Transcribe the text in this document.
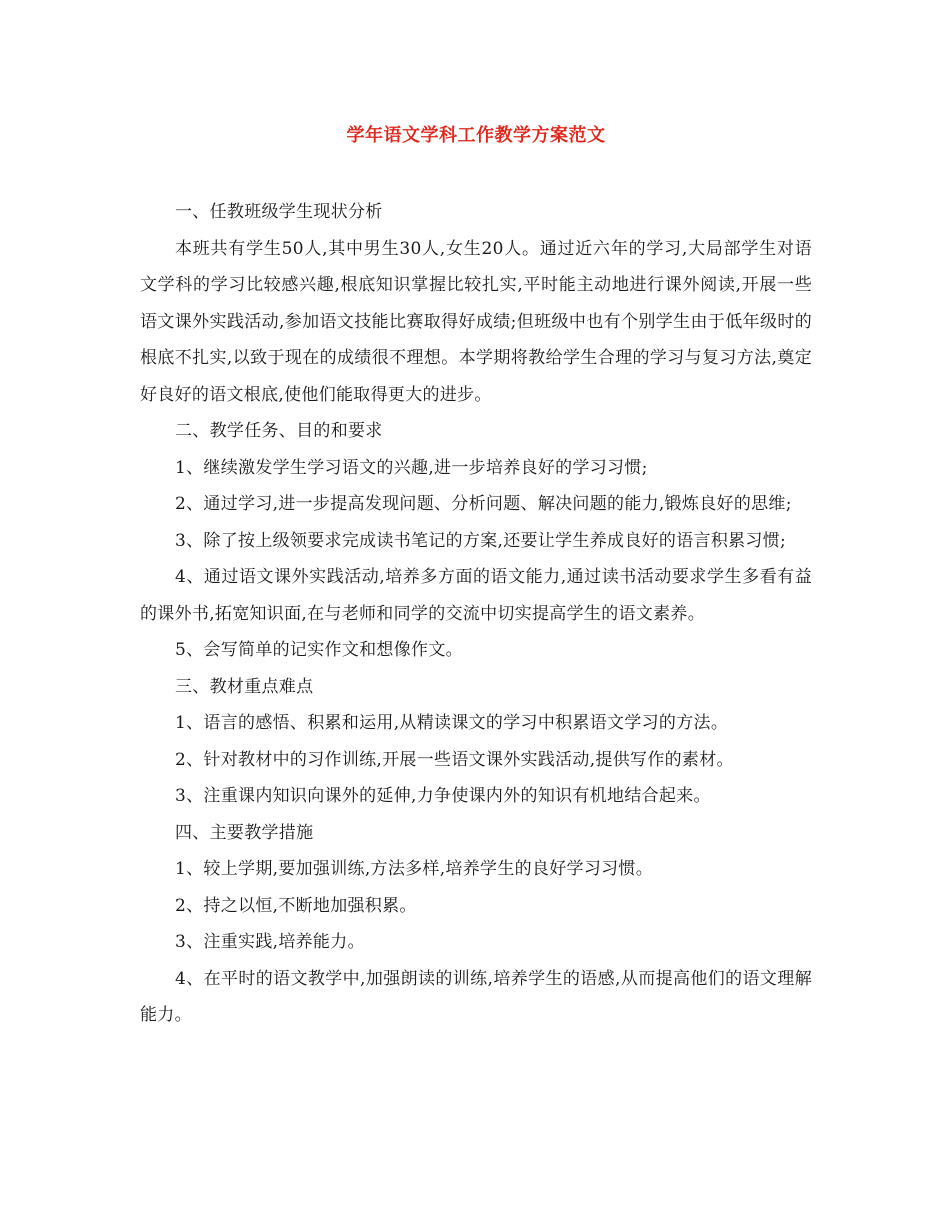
学年语文学科工作教学方案范文

一、任教班级学生现状分析

本班共有学生50人,其中男生30人,女生20人。通过近六年的学习,大局部学生对语文学科的学习比较感兴趣,根底知识掌握比较扎实,平时能主动地进行课外阅读,开展一些语文课外实践活动,参加语文技能比赛取得好成绩;但班级中也有个别学生由于低年级时的根底不扎实,以致于现在的成绩很不理想。本学期将教给学生合理的学习与复习方法,奠定好良好的语文根底,使他们能取得更大的进步。

二、教学任务、目的和要求

1、继续激发学生学习语文的兴趣,进一步培养良好的学习习惯;

2、通过学习,进一步提高发现问题、分析问题、解决问题的能力,锻炼良好的思维;

3、除了按上级领要求完成读书笔记的方案,还要让学生养成良好的语言积累习惯;

4、通过语文课外实践活动,培养多方面的语文能力,通过读书活动要求学生多看有益的课外书,拓宽知识面,在与老师和同学的交流中切实提高学生的语文素养。

5、会写简单的记实作文和想像作文。

三、教材重点难点

1、语言的感悟、积累和运用,从精读课文的学习中积累语文学习的方法。

2、针对教材中的习作训练,开展一些语文课外实践活动,提供写作的素材。

3、注重课内知识向课外的延伸,力争使课内外的知识有机地结合起来。

四、主要教学措施

1、较上学期,要加强训练,方法多样,培养学生的良好学习习惯。

2、持之以恒,不断地加强积累。

3、注重实践,培养能力。

4、在平时的语文教学中,加强朗读的训练,培养学生的语感,从而提高他们的语文理解能力。
